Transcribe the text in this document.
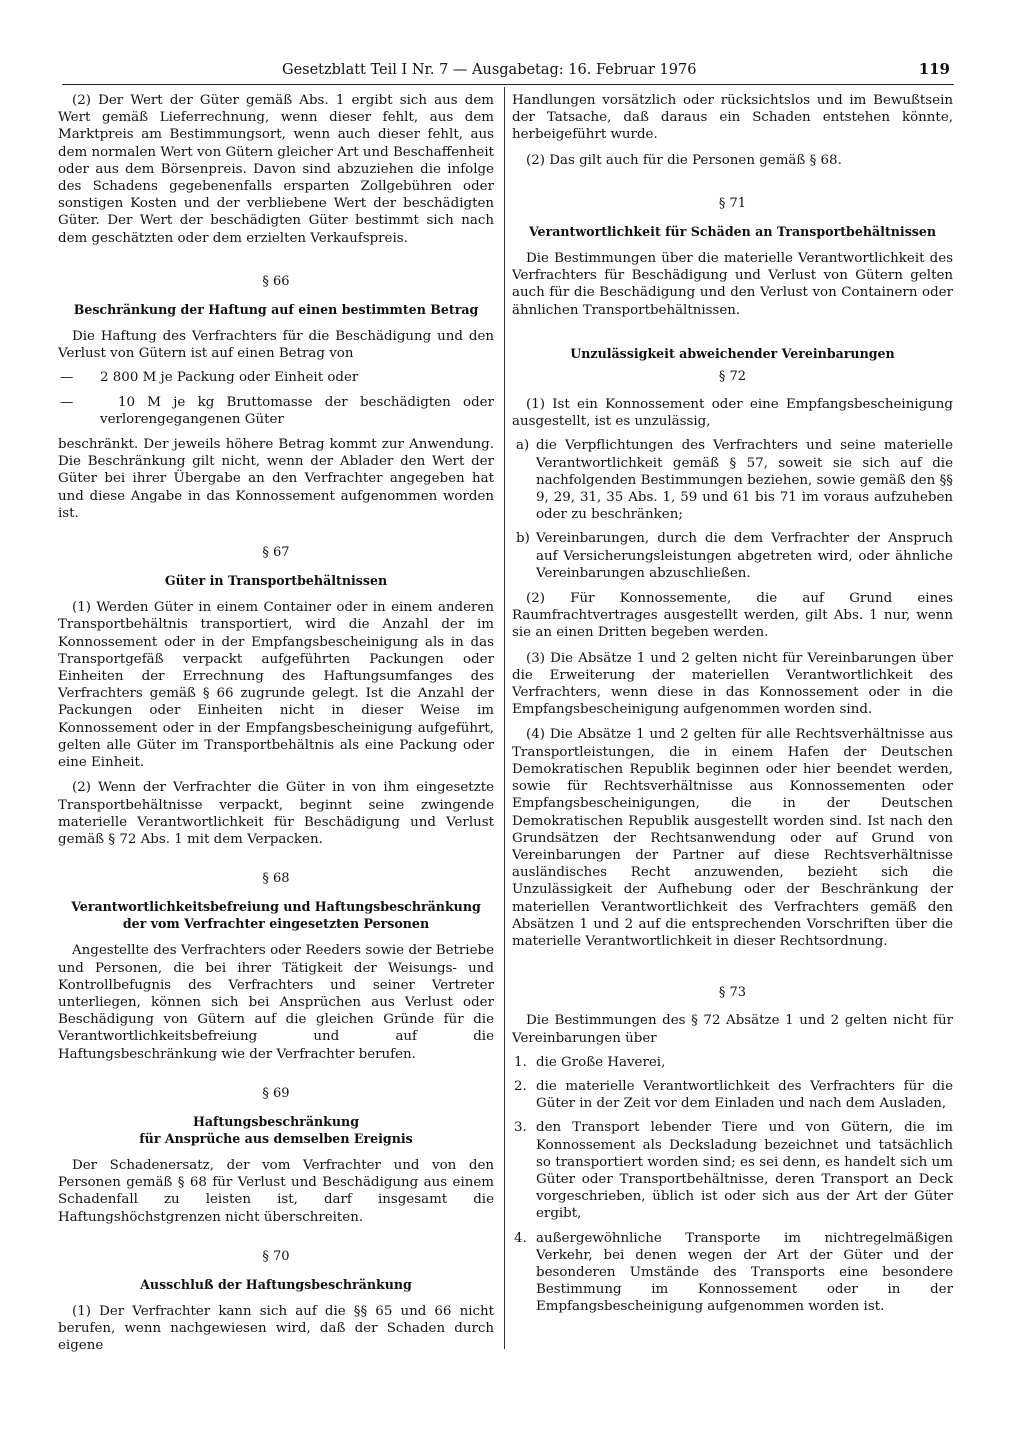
Gesetzblatt Teil I Nr. 7 — Ausgabetag: 16. Februar 1976	119

(2) Der Wert der Güter gemäß Abs. 1 ergibt sich aus dem Wert gemäß Lieferrechnung, wenn dieser fehlt, aus dem Marktpreis am Bestimmungsort, wenn auch dieser fehlt, aus dem normalen Wert von Gütern gleicher Art und Beschaffenheit oder aus dem Börsenpreis. Davon sind abzuziehen die infolge des Schadens gegebenenfalls ersparten Zollgebühren oder sonstigen Kosten und der verbliebene Wert der beschädigten Güter. Der Wert der beschädigten Güter bestimmt sich nach dem geschätzten oder dem erzielten Verkaufspreis.

§ 66
Beschränkung der Haftung auf einen bestimmten Betrag

Die Haftung des Verfrachters für die Beschädigung und den Verlust von Gütern ist auf einen Betrag von

—	2 800 M je Packung oder Einheit oder
—	10 M je kg Bruttomasse der beschädigten oder verlorengegangenen Güter

beschränkt. Der jeweils höhere Betrag kommt zur Anwendung. Die Beschränkung gilt nicht, wenn der Ablader den Wert der Güter bei ihrer Übergabe an den Verfrachter angegeben hat und diese Angabe in das Konnossement aufgenommen worden ist.

§ 67
Güter in Transportbehältnissen

(1) Werden Güter in einem Container oder in einem anderen Transportbehältnis transportiert, wird die Anzahl der im Konnossement oder in der Empfangsbescheinigung als in das Transportgefäß verpackt aufgeführten Packungen oder Einheiten der Errechnung des Haftungsumfanges des Verfrachters gemäß § 66 zugrunde gelegt. Ist die Anzahl der Packungen oder Einheiten nicht in dieser Weise im Konnossement oder in der Empfangsbescheinigung aufgeführt, gelten alle Güter im Transportbehältnis als eine Packung oder eine Einheit.

(2) Wenn der Verfrachter die Güter in von ihm eingesetzte Transportbehältnisse verpackt, beginnt seine zwingende materielle Verantwortlichkeit für Beschädigung und Verlust gemäß § 72 Abs. 1 mit dem Verpacken.

§ 68
Verantwortlichkeitsbefreiung und Haftungsbeschränkung
der vom Verfrachter eingesetzten Personen

Angestellte des Verfrachters oder Reeders sowie der Betriebe und Personen, die bei ihrer Tätigkeit der Weisungs- und Kontrollbefugnis des Verfrachters und seiner Vertreter unterliegen, können sich bei Ansprüchen aus Verlust oder Beschädigung von Gütern auf die gleichen Gründe für die Verantwortlichkeitsbefreiung und auf die Haftungsbeschränkung wie der Verfrachter berufen.

§ 69
Haftungsbeschränkung
für Ansprüche aus demselben Ereignis

Der Schadenersatz, der vom Verfrachter und von den Personen gemäß § 68 für Verlust und Beschädigung aus einem Schadenfall zu leisten ist, darf insgesamt die Haftungshöchstgrenzen nicht überschreiten.

§ 70
Ausschluß der Haftungsbeschränkung

(1) Der Verfrachter kann sich auf die §§ 65 und 66 nicht berufen, wenn nachgewiesen wird, daß der Schaden durch eigene

Handlungen vorsätzlich oder rücksichtslos und im Bewußtsein der Tatsache, daß daraus ein Schaden entstehen könnte, herbeigeführt wurde.

(2) Das gilt auch für die Personen gemäß § 68.

§ 71
Verantwortlichkeit für Schäden an Transportbehältnissen

Die Bestimmungen über die materielle Verantwortlichkeit des Verfrachters für Beschädigung und Verlust von Gütern gelten auch für die Beschädigung und den Verlust von Containern oder ähnlichen Transportbehältnissen.

Unzulässigkeit abweichender Vereinbarungen
§ 72

(1) Ist ein Konnossement oder eine Empfangsbescheinigung ausgestellt, ist es unzulässig,

a) die Verpflichtungen des Verfrachters und seine materielle Verantwortlichkeit gemäß § 57, soweit sie sich auf die nachfolgenden Bestimmungen beziehen, sowie gemäß den §§ 9, 29, 31, 35 Abs. 1, 59 und 61 bis 71 im voraus aufzuheben oder zu beschränken;
b) Vereinbarungen, durch die dem Verfrachter der Anspruch auf Versicherungsleistungen abgetreten wird, oder ähnliche Vereinbarungen abzuschließen.

(2) Für Konnossemente, die auf Grund eines Raumfrachtvertrages ausgestellt werden, gilt Abs. 1 nur, wenn sie an einen Dritten begeben werden.

(3) Die Absätze 1 und 2 gelten nicht für Vereinbarungen über die Erweiterung der materiellen Verantwortlichkeit des Verfrachters, wenn diese in das Konnossement oder in die Empfangsbescheinigung aufgenommen worden sind.

(4) Die Absätze 1 und 2 gelten für alle Rechtsverhältnisse aus Transportleistungen, die in einem Hafen der Deutschen Demokratischen Republik beginnen oder hier beendet werden, sowie für Rechtsverhältnisse aus Konnossementen oder Empfangsbescheinigungen, die in der Deutschen Demokratischen Republik ausgestellt worden sind. Ist nach den Grundsätzen der Rechtsanwendung oder auf Grund von Vereinbarungen der Partner auf diese Rechtsverhältnisse ausländisches Recht anzuwenden, bezieht sich die Unzulässigkeit der Aufhebung oder der Beschränkung der materiellen Verantwortlichkeit des Verfrachters gemäß den Absätzen 1 und 2 auf die entsprechenden Vorschriften über die materielle Verantwortlichkeit in dieser Rechtsordnung.

§ 73

Die Bestimmungen des § 72 Absätze 1 und 2 gelten nicht für Vereinbarungen über

1. die Große Haverei,
2. die materielle Verantwortlichkeit des Verfrachters für die Güter in der Zeit vor dem Einladen und nach dem Ausladen,
3. den Transport lebender Tiere und von Gütern, die im Konnossement als Decksladung bezeichnet und tatsächlich so transportiert worden sind; es sei denn, es handelt sich um Güter oder Transportbehältnisse, deren Transport an Deck vorgeschrieben, üblich ist oder sich aus der Art der Güter ergibt,
4. außergewöhnliche Transporte im nichtregelmäßigen Verkehr, bei denen wegen der Art der Güter und der besonderen Umstände des Transports eine besondere Bestimmung im Konnossement oder in der Empfangsbescheinigung aufgenommen worden ist.
